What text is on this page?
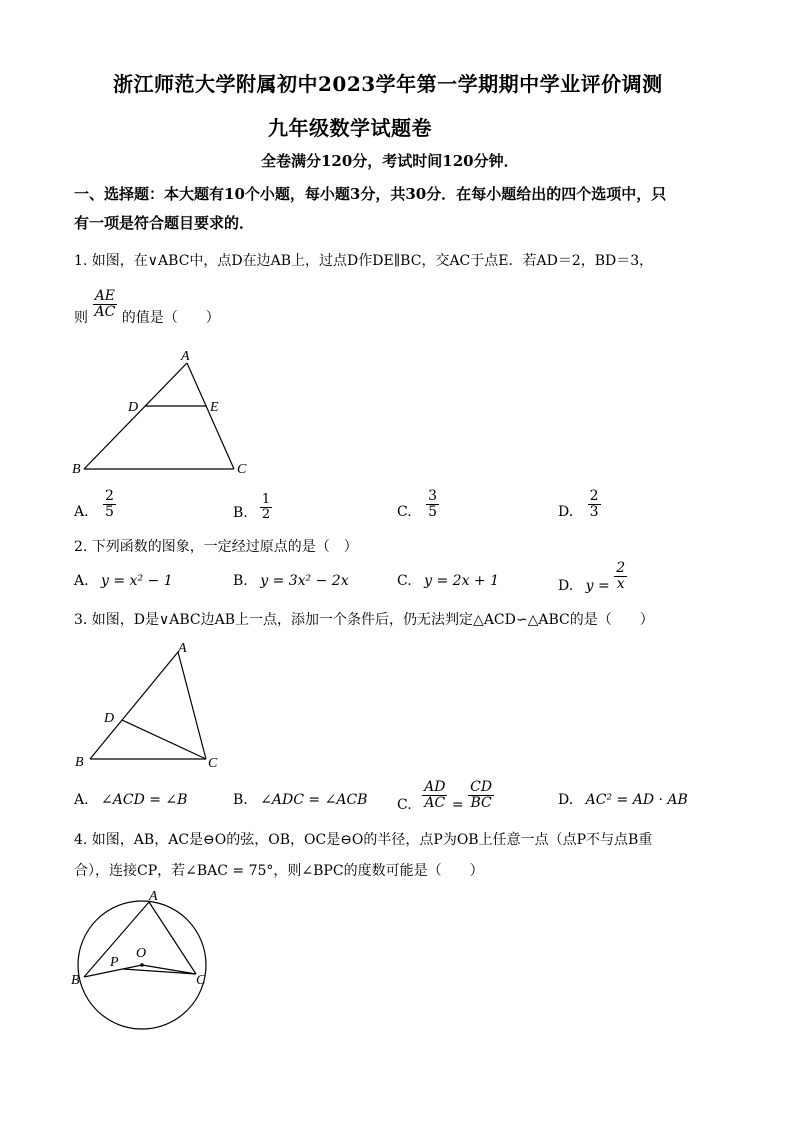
浙江师范大学附属初中2023学年第一学期期中学业评价调测
九年级数学试题卷
全卷满分120分，考试时间120分钟．
一、选择题：本大题有10个小题，每小题3分，共30分．在每小题给出的四个选项中，只
有一项是符合题目要求的．
1. 如图，在∨ABC中，点D在边AB上，过点D作DE∥BC，交AC于点E．若AD＝2，BD＝3，
则 $\frac{AE}{AC}$ 的值是（　　）
A
D	E
B	C
A. $\frac{2}{5}$	B. $\frac{1}{2}$	C. $\frac{3}{5}$	D. $\frac{2}{3}$
2. 下列函数的图象，一定经过原点的是（　）
A. y = x² − 1	B. y = 3x² − 2x	C. y = 2x + 1	D. $y = \frac{2}{x}$
3. 如图，D是∨ABC边AB上一点，添加一个条件后，仍无法判定△ACD∽△ABC的是（　　）
A
D
B	C
A. ∠ACD = ∠B	B. ∠ADC = ∠ACB C. $\frac{AD}{AC} = \frac{CD}{BC}$	D. AC² = AD · AB
4. 如图，AB，AC是⊖O的弦，OB，OC是⊖O的半径，点P为OB上任意一点（点P不与点B重
合），连接CP，若∠BAC = 75°，则∠BPC的度数可能是（　　）
A
O
P
B	C
